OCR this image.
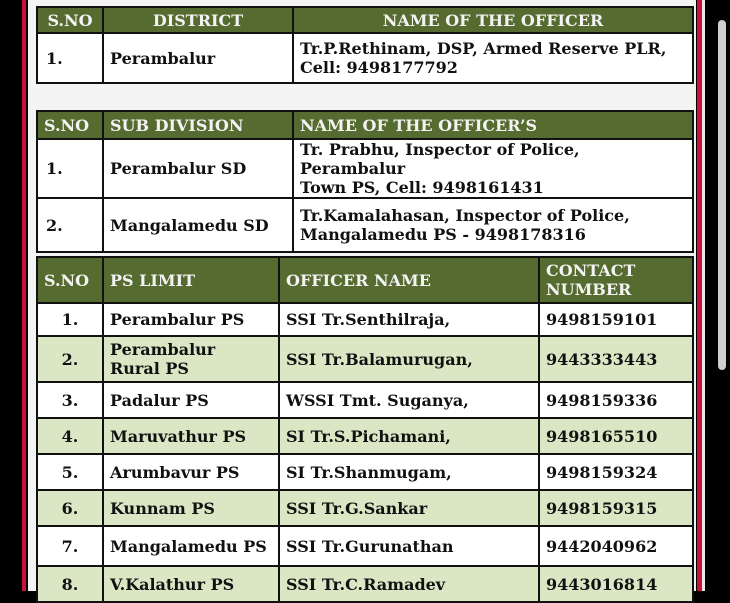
S.NO	DISTRICT	NAME OF THE OFFICER
1.	Perambalur	Tr.P.Rethinam, DSP, Armed Reserve PLR,
Cell: 9498177792
S.NO	SUB DIVISION	NAME OF THE OFFICER’S
1.	Perambalur SD	Tr. Prabhu, Inspector of Police, Perambalur
Town PS, Cell: 9498161431

2.	Mangalamedu SD	Tr.Kamalahasan, Inspector of Police,
Mangalamedu PS - 9498178316
S.NO	PS LIMIT	OFFICER NAME	CONTACT
NUMBER

1.	Perambalur PS	SSI Tr.Senthilraja,	9498159101
2.	Perambalur
Rural PS	SSI Tr.Balamurugan,	9443333443
3.	Padalur PS	WSSI Tmt. Suganya,	9498159336
4.	Maruvathur PS	SI Tr.S.Pichamani,	9498165510
5.	Arumbavur PS	SI Tr.Shanmugam,	9498159324
6.	Kunnam PS	SSI Tr.G.Sankar	9498159315
7.	Mangalamedu PS	SSI Tr.Gurunathan	9442040962
8.	V.Kalathur PS	SSI Tr.C.Ramadev	9443016814
